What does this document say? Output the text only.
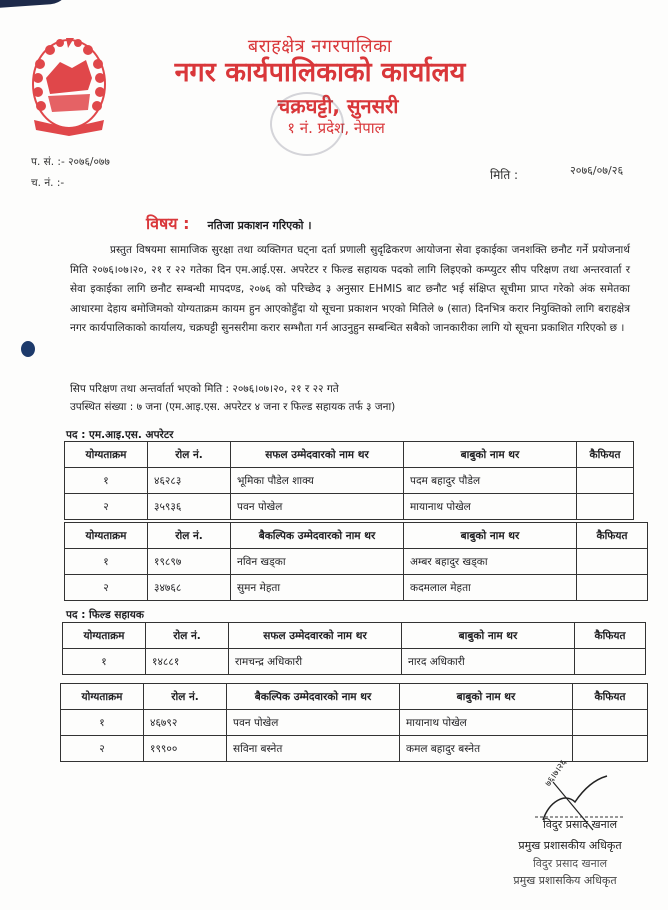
बराहक्षेत्र नगरपालिका
नगर कार्यपालिकाको कार्यालय
चक्रघट्टी, सुनसरी
१ नं. प्रदेश, नेपाल
प. सं. :- २०७६/०७७
च. नं. :-
मिति :	२०७६/०७/२६
विषय : नतिजा प्रकाशन गरिएको ।

प्रस्तुत विषयमा सामाजिक सुरक्षा तथा व्यक्तिगत घट्ना दर्ता प्रणाली सुदृढिकरण आयोजना सेवा इकाईका जनशक्ति छनौट गर्ने प्रयोजनार्थ मिति २०७६।०७।२०, २१ र २२ गतेका दिन एम.आई.एस. अपरेटर र फिल्ड सहायक पदको लागि लिइएको कम्प्युटर सीप परिक्षण तथा अन्तरवार्ता र सेवा इकाईका लागि छनौट सम्बन्धी मापदण्ड, २०७६ को परिच्छेद ३ अनुसार EHMIS बाट छनौट भई संक्षिप्त सूचीमा प्राप्त गरेको अंक समेतका आधारमा देहाय बमोजिमको योग्यताक्रम कायम हुन आएकोहुँदा यो सूचना प्रकाशन भएको मितिले ७ (सात) दिनभित्र करार नियुक्तिको लागि बराहक्षेत्र नगर कार्यपालिकाको कार्यालय, चक्रघट्टी सुनसरीमा करार सम्भौता गर्न आउनुहुन सम्बन्धित सबैको जानकारीका लागि यो सूचना प्रकाशित गरिएको छ ।

सिप परिक्षण तथा अन्तर्वार्ता भएको मिति : २०७६।०७।२०, २१ र २२ गते
उपस्थित संख्या : ७ जना (एम.आइ.एस. अपरेटर ४ जना र फिल्ड सहायक तर्फ ३ जना)
पद : एम.आइ.एस. अपरेटर
योग्यताक्रम	रोल नं.	सफल उम्मेदवारको नाम थर	बाबुको नाम थर	कैफियत
१	४६२८३	भूमिका पौडेल शाक्य	पदम बहादुर पौडेल	
२	३५९३६	पवन पोखेल	मायानाथ पोखेल	
योग्यताक्रम	रोल नं.	बैकल्पिक उम्मेदवारको नाम थर	बाबुको नाम थर	कैफियत
१	१९८९७	नविन खड्का	अम्बर बहादुर खड्का	
२	३४७६८	सुमन मेहता	कदमलाल मेहता	
पद : फिल्ड सहायक
योग्यताक्रम	रोल नं.	सफल उम्मेदवारको नाम थर	बाबुको नाम थर	कैफियत
१	१४८८१	रामचन्द्र अधिकारी	नारद अधिकारी	
योग्यताक्रम	रोल नं.	बैकल्पिक उम्मेदवारको नाम थर	बाबुको नाम थर	कैफियत
१	४६७९२	पवन पोखेल	मायानाथ पोखेल	
२	१९९००	सविना बस्नेत	कमल बहादुर बस्नेत	
७६।७।२६
विदुर प्रसाद खनाल
प्रमुख प्रशासकीय अधिकृत
विदुर प्रसाद खनाल
प्रमुख प्रशासकिय अधिकृत
